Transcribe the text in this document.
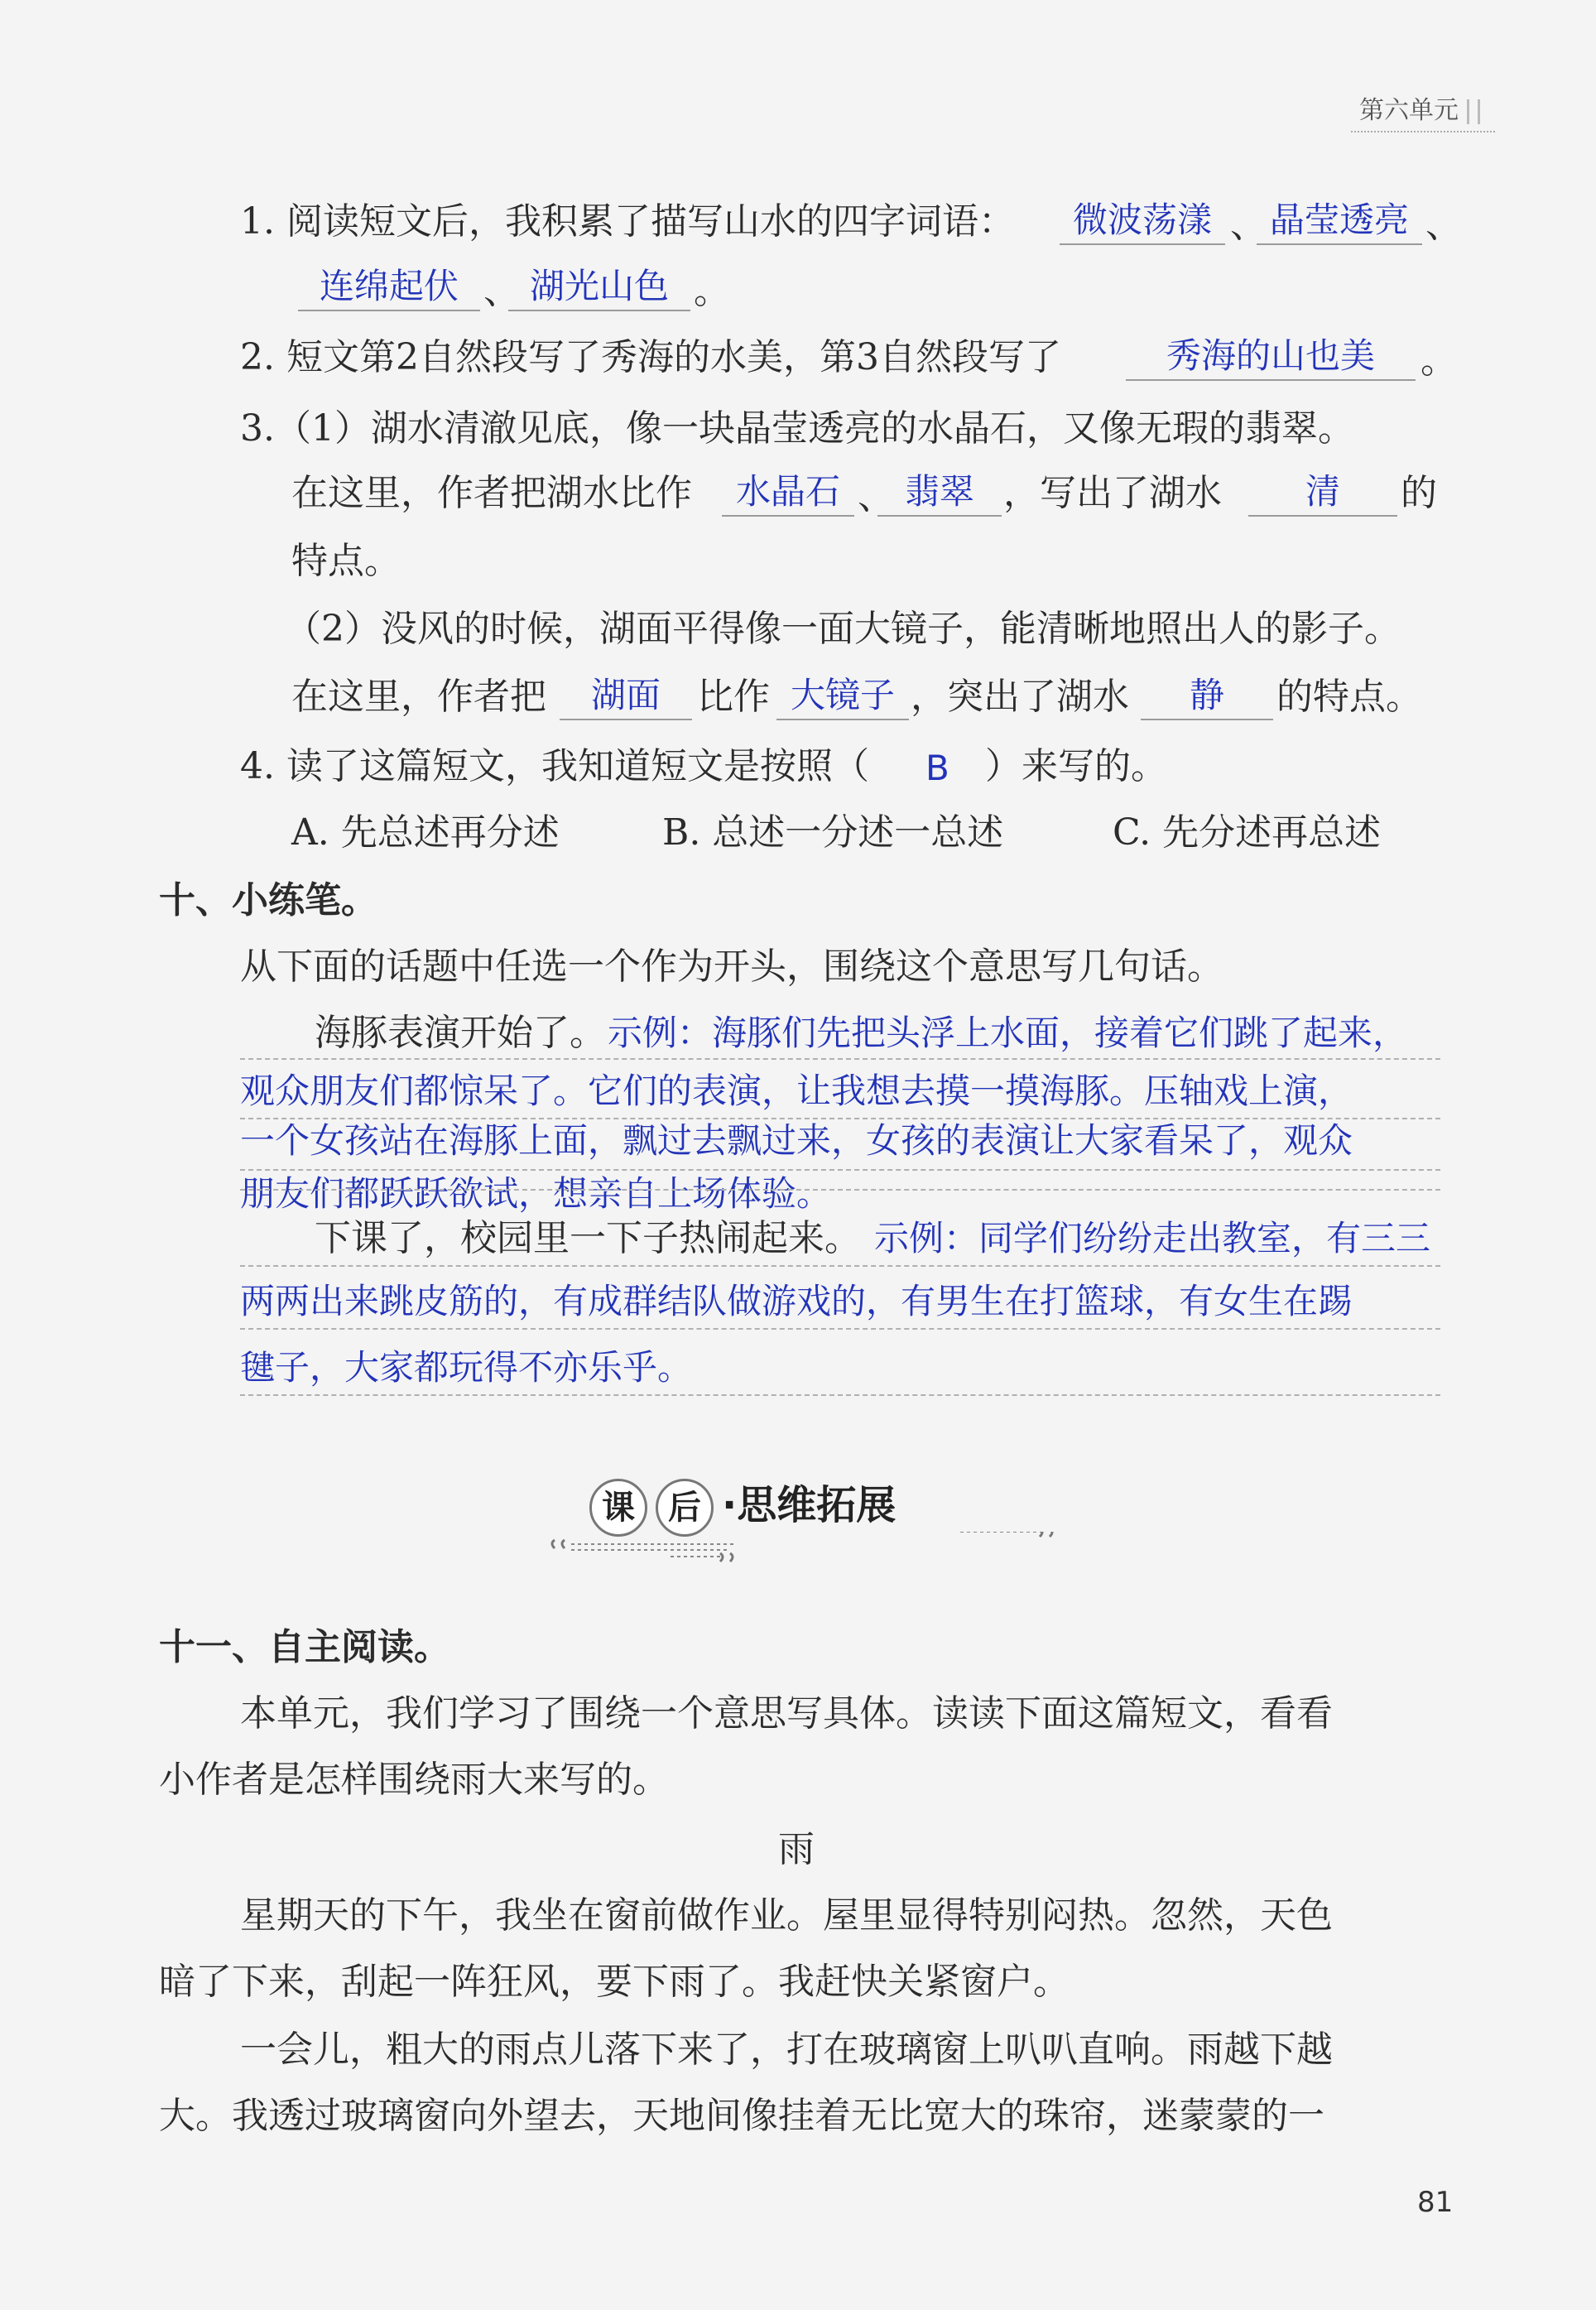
第六单元
1. 阅读短文后，我积累了描写山水的四字词语：	微波荡漾 、 晶莹透亮 、
连绵起伏 、 湖光山色 。
2. 短文第2自然段写了秀海的水美，第3自然段写了	秀海的山也美	。
3.（1）湖水清澈见底，像一块晶莹透亮的水晶石，又像无瑕的翡翠。
在这里，作者把湖水比作	水晶石 、 翡翠 ，写出了湖水	清	的
特点。
（2）没风的时候，湖面平得像一面大镜子，能清晰地照出人的影子。
在这里，作者把	湖面	比作 大镜子 ，突出了湖水	静	的特点。
4. 读了这篇短文，我知道短文是按照（ B ）来写的。
A. 先总述再分述	B. 总述一分述一总述	C. 先分述再总述
十、小练笔。
从下面的话题中任选一个作为开头，围绕这个意思写几句话。
海豚表演开始了。 示例：海豚们先把头浮上水面，接着它们跳了起来，
观众朋友们都惊呆了。它们的表演，让我想去摸一摸海豚。压轴戏上演，
一个女孩站在海豚上面，飘过去飘过来，女孩的表演让大家看呆了，观众
朋友们都跃跃欲试，想亲自上场体验。
下课了，校园里一下子热闹起来。 示例：同学们纷纷走出教室，有三三
两两出来跳皮筋的，有成群结队做游戏的，有男生在打篮球，有女生在踢
毽子，大家都玩得不亦乐乎。
课	后 ·思维拓展
十一、自主阅读。
本单元，我们学习了围绕一个意思写具体。读读下面这篇短文，看看
小作者是怎样围绕雨大来写的。
雨
星期天的下午，我坐在窗前做作业。屋里显得特别闷热。忽然，天色
暗了下来，刮起一阵狂风，要下雨了。我赶快关紧窗户。
一会儿，粗大的雨点儿落下来了，打在玻璃窗上叭叭直响。雨越下越
大。我透过玻璃窗向外望去，天地间像挂着无比宽大的珠帘，迷蒙蒙的一
81
